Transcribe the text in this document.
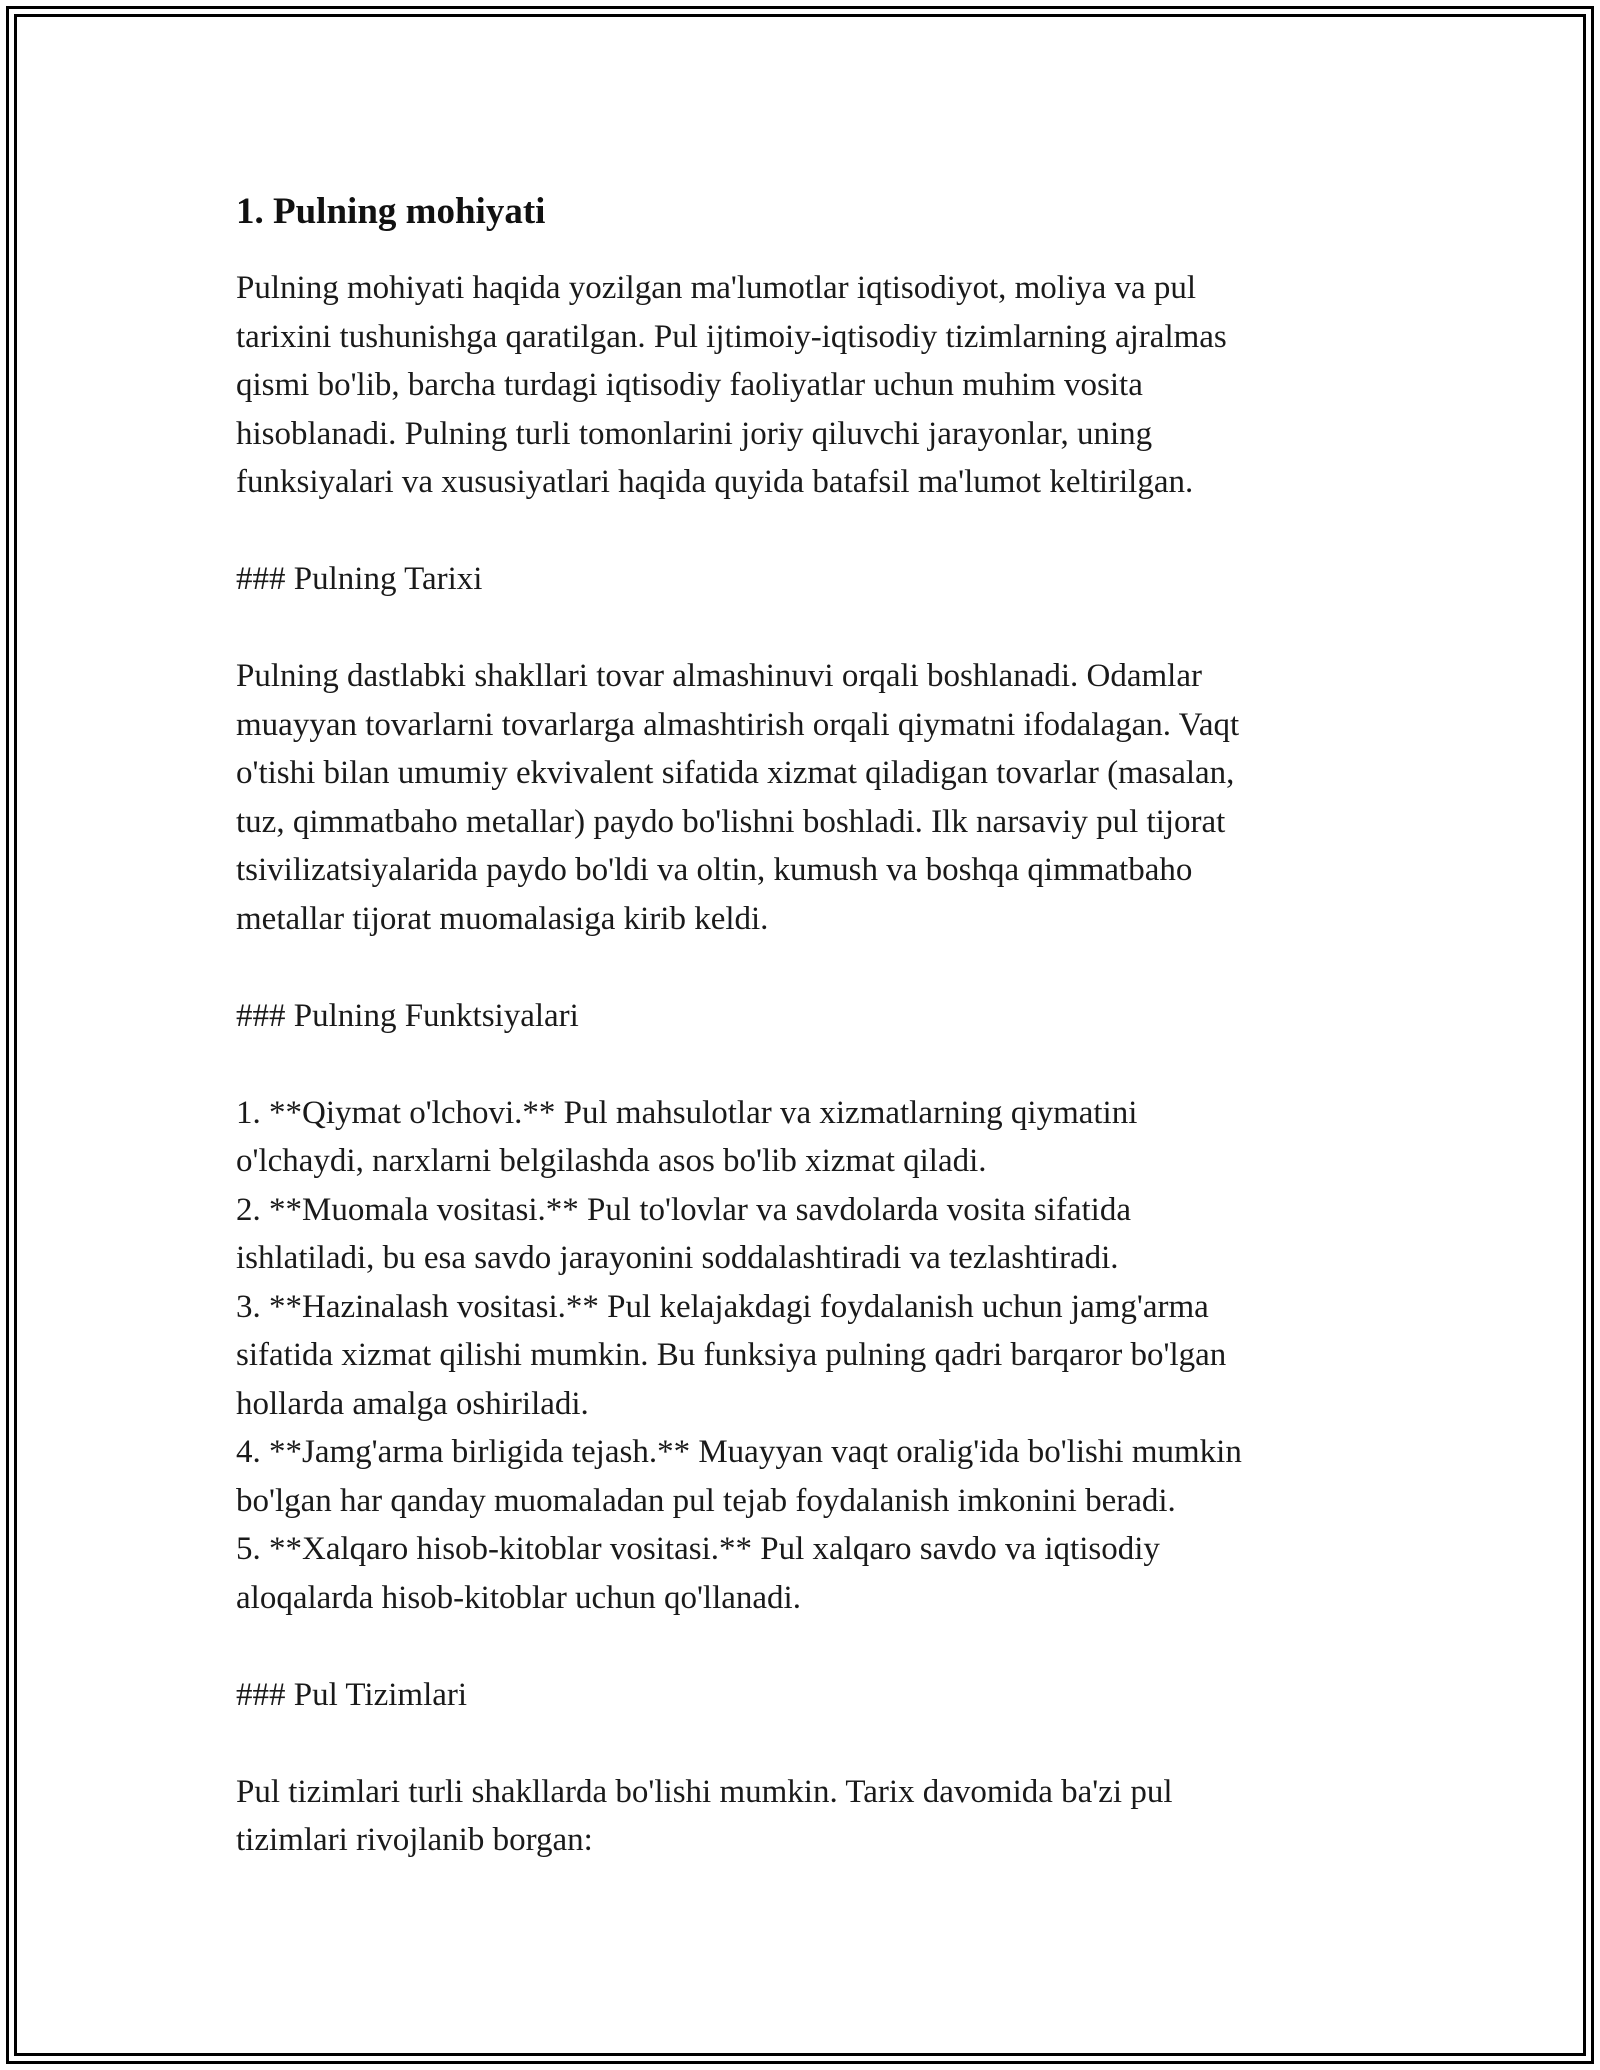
1. Pulning mohiyati

Pulning mohiyati haqida yozilgan ma'lumotlar iqtisodiyot, moliya va pul
tarixini tushunishga qaratilgan. Pul ijtimoiy-iqtisodiy tizimlarning ajralmas
qismi bo'lib, barcha turdagi iqtisodiy faoliyatlar uchun muhim vosita
hisoblanadi. Pulning turli tomonlarini joriy qiluvchi jarayonlar, uning
funksiyalari va xususiyatlari haqida quyida batafsil ma'lumot keltirilgan.

### Pulning Tarixi

Pulning dastlabki shakllari tovar almashinuvi orqali boshlanadi. Odamlar
muayyan tovarlarni tovarlarga almashtirish orqali qiymatni ifodalagan. Vaqt
o'tishi bilan umumiy ekvivalent sifatida xizmat qiladigan tovarlar (masalan,
tuz, qimmatbaho metallar) paydo bo'lishni boshladi. Ilk narsaviy pul tijorat
tsivilizatsiyalarida paydo bo'ldi va oltin, kumush va boshqa qimmatbaho
metallar tijorat muomalasiga kirib keldi.

### Pulning Funktsiyalari

1. **Qiymat o'lchovi.** Pul mahsulotlar va xizmatlarning qiymatini
o'lchaydi, narxlarni belgilashda asos bo'lib xizmat qiladi.
2. **Muomala vositasi.** Pul to'lovlar va savdolarda vosita sifatida
ishlatiladi, bu esa savdo jarayonini soddalashtiradi va tezlashtiradi.
3. **Hazinalash vositasi.** Pul kelajakdagi foydalanish uchun jamg'arma
sifatida xizmat qilishi mumkin. Bu funksiya pulning qadri barqaror bo'lgan
hollarda amalga oshiriladi.
4. **Jamg'arma birligida tejash.** Muayyan vaqt oralig'ida bo'lishi mumkin
bo'lgan har qanday muomaladan pul tejab foydalanish imkonini beradi.
5. **Xalqaro hisob-kitoblar vositasi.** Pul xalqaro savdo va iqtisodiy
aloqalarda hisob-kitoblar uchun qo'llanadi.

### Pul Tizimlari

Pul tizimlari turli shakllarda bo'lishi mumkin. Tarix davomida ba'zi pul
tizimlari rivojlanib borgan:
